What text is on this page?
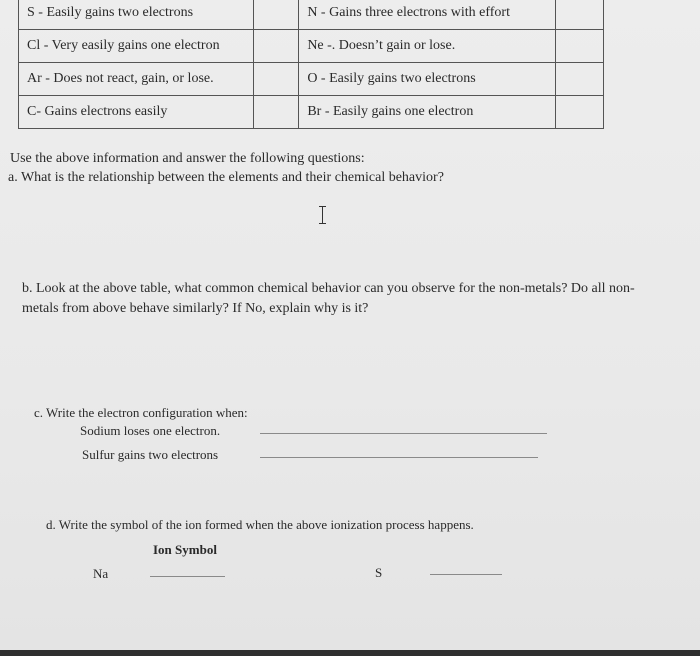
S - Easily gains two electrons		N - Gains three electrons with effort	
Cl - Very easily gains one electron		Ne -. Doesn’t gain or lose.	
Ar - Does not react, gain, or lose.		O - Easily gains two electrons	
C- Gains electrons easily		Br - Easily gains one electron	
Use the above information and answer the following questions:
a. What is the relationship between the elements and their chemical behavior?
b. Look at the above table, what common chemical behavior can you observe for the non-metals? Do all non-
metals from above behave similarly? If No, explain why is it?
c. Write the electron configuration when:
Sodium loses one electron.
Sulfur gains two electrons
d. Write the symbol of the ion formed when the above ionization process happens.
Ion Symbol
Na	S
